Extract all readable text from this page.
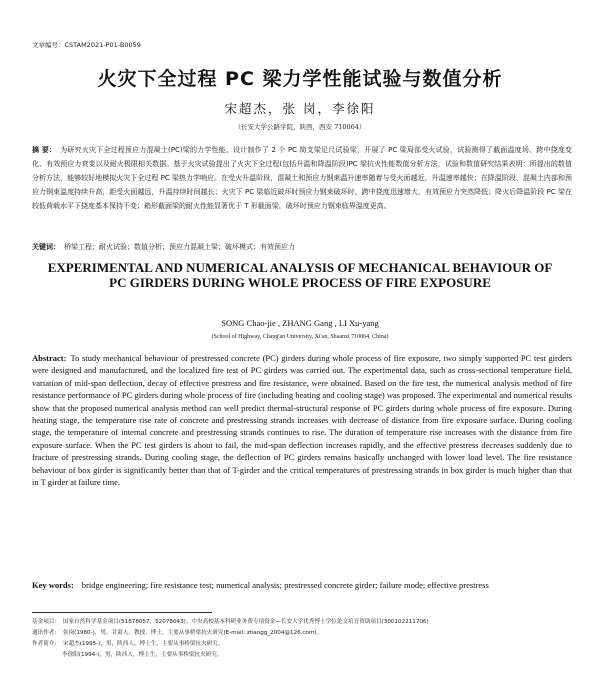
文章编号：CSTAM2021-P01-B0059
火灾下全过程 PC 梁力学性能试验与数值分析
宋超杰，张 岗，李徐阳
（长安大学公路学院，陕西，西安 710064）
摘 要： 为研究火灾下全过程预应力混凝土(PC)梁的力学性能，设计制作了 2 个 PC 简支梁足尺试验梁，开展了 PC 梁局部受火试验，试验测得了截面温度场、跨中挠度变化、有效预应力衰变以及耐火极限相关数据。基于火灾试验提出了火灾下全过程(包括升温和降温阶段)PC 梁抗火性能数值分析方法，试验和数值研究结果表明：所提出的数值分析方法，能够较好地模拟火灾下全过程 PC 梁热力学响应。在受火升温阶段，混凝土和预应力钢束温升速率随着与受火面越近，升温速率越快；在降温阶段，混凝土内部和预应力钢束温度持续升高，距受火面越远，升温持续时间越长；火灾下 PC 梁临近破坏时预应力钢束破坏时，跨中挠度迅速增大，有效预应力突然降低；降火后降温阶段 PC 梁在较低荷载水平下挠度基本保持不变；箱形截面梁的耐火性能显著优于 T 形截面梁，破坏时预应力钢束临界温度更高。
关键词： 桥梁工程；耐火试验；数值分析；预应力混凝土梁；破坏模式；有效预应力
EXPERIMENTAL AND NUMERICAL ANALYSIS OF MECHANICAL BEHAVIOUR OF PC GIRDERS DURING WHOLE PROCESS OF FIRE EXPOSURE
SONG Chao-jie , ZHANG Gang , LI Xu-yang
(School of Highway, Chang'an University, Xi'an, Shaanxi 710064, China)
Abstract: To study mechanical behaviour of prestressed concrete (PC) girders during whole process of fire exposure, two simply supported PC test girders were designed and manufactured, and the localized fire test of PC girders was carried out. The experimental data, such as cross-sectional temperature field, variation of mid-span deflection, decay of effective prestress and fire resistance, were obtained. Based on the fire test, the numerical analysis method of fire resistance performance of PC girders during whole process of fire (including heating and cooling stage) was proposed. The experimental and numerical results show that the proposed numerical analysis method can well predict thermal-structural response of PC girders during whole process of fire exposure. During heating stage, the temperature rise rate of concrete and prestressing strands increases with decrease of distance from fire exposure surface. During cooling stage, the temperature of internal concrete and prestressing strands continues to rise. The duration of temperature rise increases with the distance from fire exposure surface. When the PC test girders is about to fail, the mid-span deflection increases rapidly, and the effective prestress decreases suddenly due to fracture of prestressing strands. During cooling stage, the deflection of PC girders remains basically unchanged with lower load level. The fire resistance behaviour of box girder is significantly better than that of T-girder and the critical temperatures of prestressing strands in box girder is much higher than that in T girder at failure time.
Key words: bridge engineering; fire resistance test; numerical analysis; prestressed concrete girder; failure mode; effective prestress
基金项目： 国家自然科学基金项目(51878057，52078043)；中央高校基本科研业务费专项资金—长安大学优秀博士学位论文培育资助项目(300102211706)
通讯作者： 张岗(1980-)，男，甘肃人，教授，博士，主要从事桥梁抗火研究(E-mail: zhangg_2004@126.com)。
作者简介： 宋超杰(1995-)，男，陕西人，博士生，主要从事桥梁抗火研究。
李徐阳(1994-)，男，陕西人，博士生，主要从事桥梁抗火研究。
